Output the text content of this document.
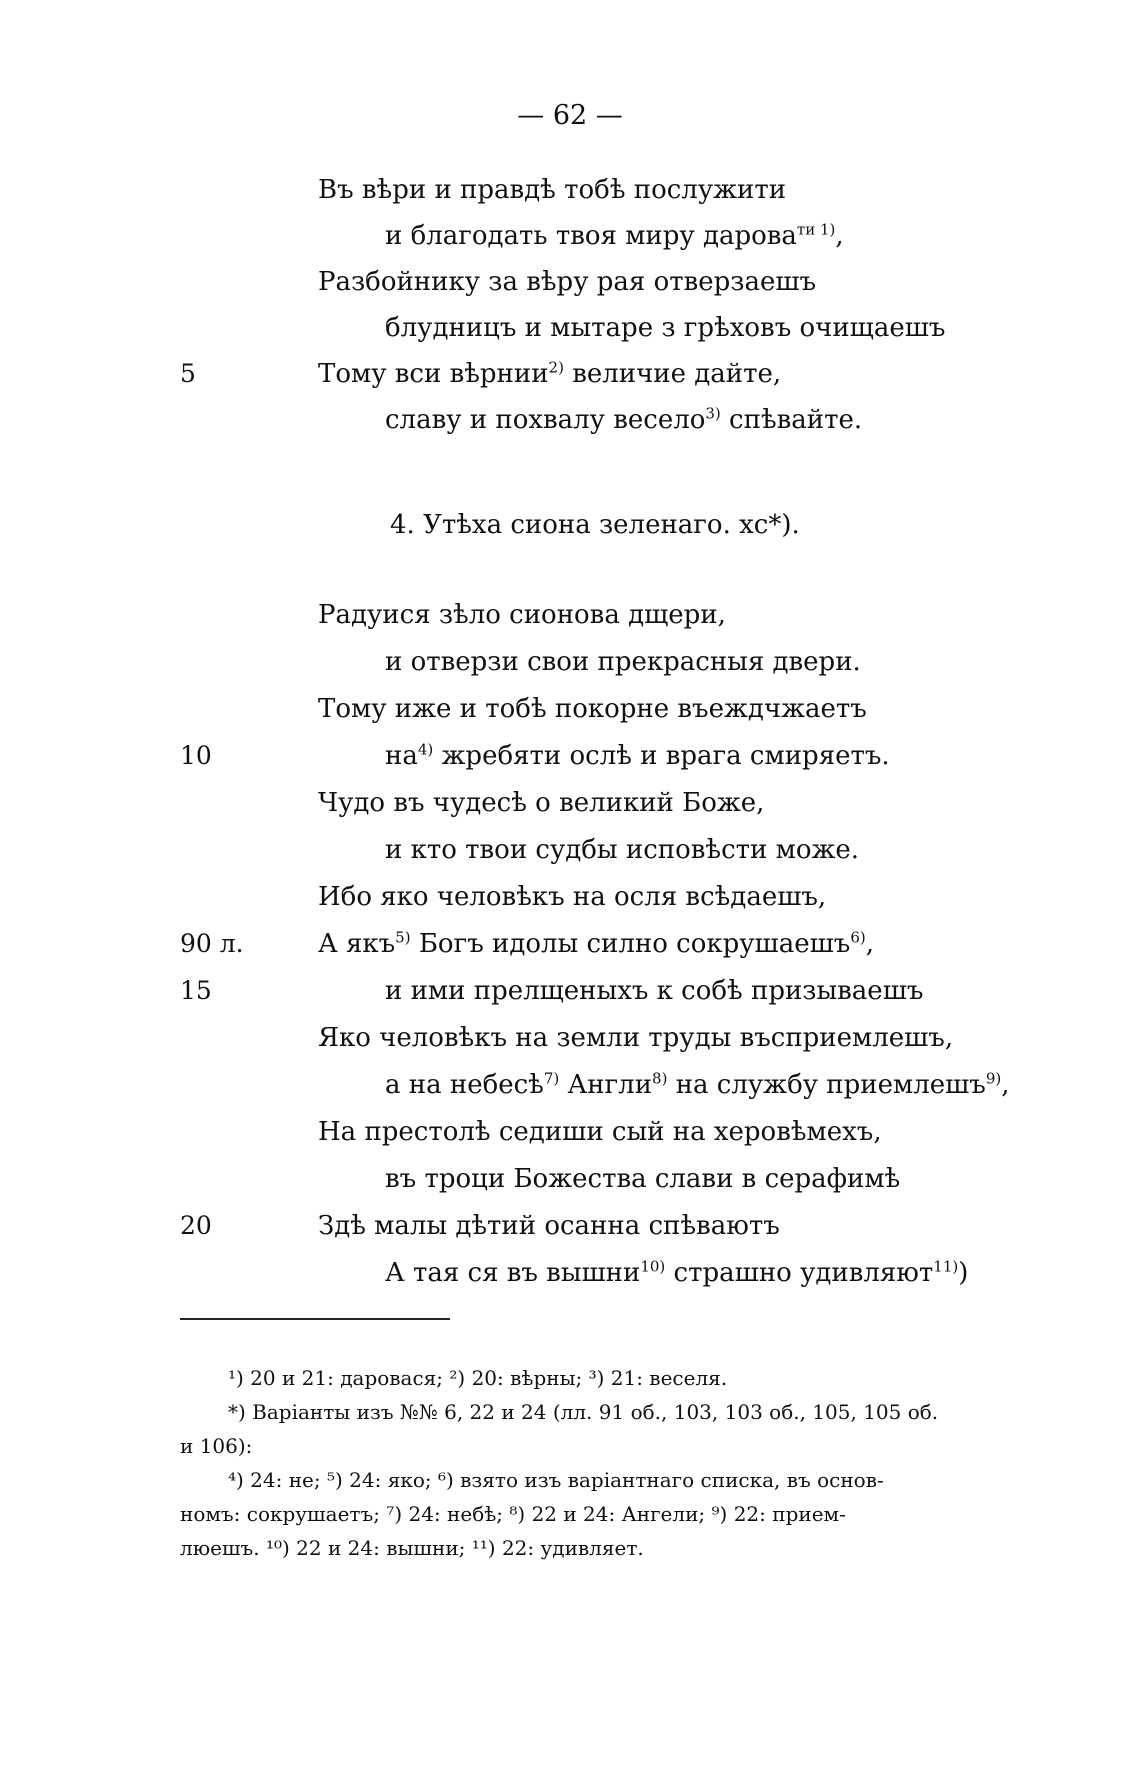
— 62 —
Въ вѣри и правдѣ тобѣ послужити
и благодать твоя миру дарова$^{ти 1)}$,
Разбойнику за вѣру рая отверзаешъ
блудницъ и мытаре з грѣховъ очищаешъ
5	Тому вси вѣрнии$^{2)}$ величие дайте,
славу и похвалу весело$^{3)}$ спѣвайте.
4. Утѣха сиона зеленаго. хс*).
Радуися зѣло сионова дщери,
и отверзи свои прекрасныя двери.
Тому иже и тобѣ покорне въеждчжаетъ
10	$на^{4)}$ жребяти ослѣ и врага смиряетъ.
Чудо въ чудесѣ о великий Боже,
и кто твои судбы исповѣсти може.
Ибо яко человѣкъ на осля вcѣдаешъ,
90 л.	А якъ$^{5)}$ Богъ идолы силно сокрушаешъ$^{6)}$,
15	и ими прелщеныхъ к собѣ призываешъ
Яко человѣкъ на земли труды въсприемлешъ,
а на небесѣ$^{7)}$ Англи$^{8)}$ на службу приемлешъ$^{9)}$,
На престолѣ седиши сый на херовѣмехъ,
въ троци Божества слави в серафимѣ
20	Здѣ малы дѣтий осанна спѣваютъ
А тая ся въ вышни$^{10)}$ страшно удивляют$^{11)}$)
¹) 20 и 21: даровася; ²) 20: вѣрны; ³) 21: веселя.
*) Варіанты изъ №№ 6, 22 и 24 (лл. 91 об., 103, 103 об., 105, 105 об.
и 106):
⁴) 24: не; ⁵) 24: яко; ⁶) взято изъ варіантнаго списка, въ основ-
номъ: сокрушаетъ; ⁷) 24: небѣ; ⁸) 22 и 24: Ангели; ⁹) 22: прием-
люешъ. ¹⁰) 22 и 24: вышни; ¹¹) 22: удивляет.
